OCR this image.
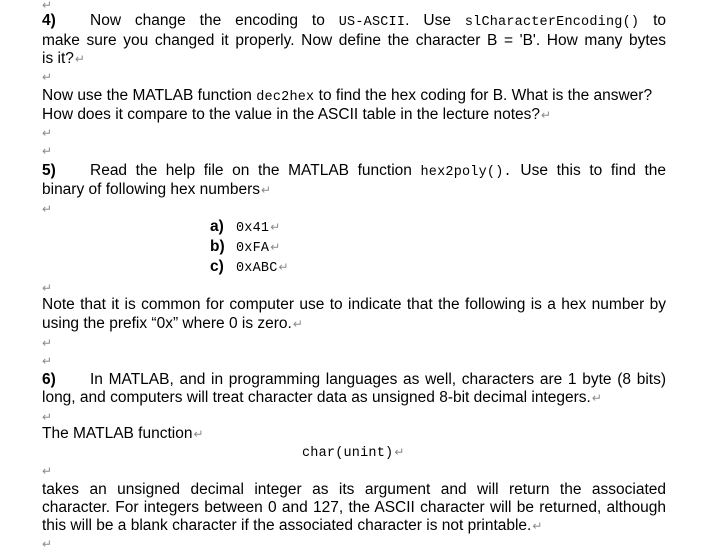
↵
↵
↵
↵
↵
↵
↵
↵
↵
↵
↵
4) Now change the encoding to US-ASCII. Use slCharacterEncoding() to
make sure you changed it properly. Now define the character B = 'B'. How many bytes
is it?↵
Now use the MATLAB function dec2hex to find the hex coding for B. What is the answer?
How does it compare to the value in the ASCII table in the lecture notes?↵
5) Read the help file on the MATLAB function hex2poly(). Use this to find the
binary of following hex numbers↵
a) 0x41↵
b) 0xFA↵
c) 0xABC↵
Note that it is common for computer use to indicate that the following is a hex number by
using the prefix “0x” where 0 is zero.↵
6) In MATLAB, and in programming languages as well, characters are 1 byte (8 bits)
long, and computers will treat character data as unsigned 8-bit decimal integers.↵
The MATLAB function↵
char(unint)↵
takes an unsigned decimal integer as its argument and will return the associated
character. For integers between 0 and 127, the ASCII character will be returned, although
this will be a blank character if the associated character is not printable.↵
